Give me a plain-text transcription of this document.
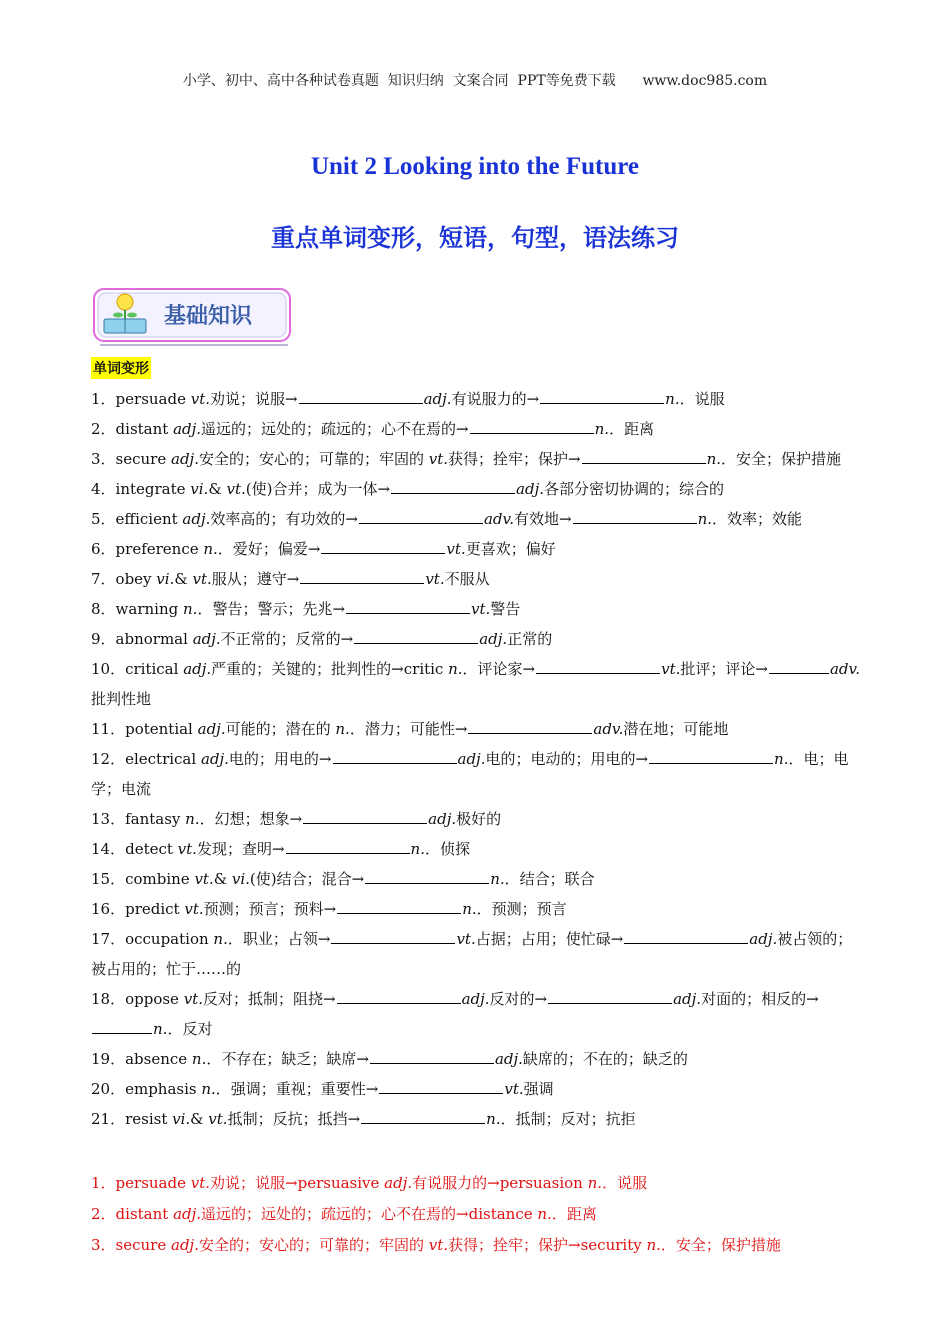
小学、初中、高中各种试卷真题  知识归纳  文案合同  PPT等免费下载      www.doc985.com
Unit 2 Looking into the Future
重点单词变形，短语，句型，语法练习
基础知识
单词变形
1．persuade vt.劝说；说服→	adj.有说服力的→	n.．说服
2．distant adj.遥远的；远处的；疏远的；心不在焉的→	n.．距离
3．secure adj.安全的；安心的；可靠的；牢固的 vt.获得；拴牢；保护→	n.．安全；保护措施
4．integrate vi.& vt.(使)合并；成为一体→	adj.各部分密切协调的；综合的
5．efficient adj.效率高的；有功效的→	adv.有效地→	n.．效率；效能
6．preference n.．爱好；偏爱→	vt.更喜欢；偏好
7．obey vi.& vt.服从；遵守→	vt.不服从
8．warning n.．警告；警示；先兆→	vt.警告
9．abnormal adj.不正常的；反常的→	adj.正常的
10．critical adj.严重的；关键的；批判性的→critic n.．评论家→	vt.批评；评论→	adv.批判性地
11．potential adj.可能的；潜在的 n.．潜力；可能性→	adv.潜在地；可能地
12．electrical adj.电的；用电的→	adj.电的；电动的；用电的→	n.．电；电学；电流
13．fantasy n.．幻想；想象→	adj.极好的
14．detect vt.发现；查明→	n.．侦探
15．combine vt.& vi.(使)结合；混合→	n.．结合；联合
16．predict vt.预测；预言；预料→	n.．预测；预言
17．occupation n.．职业；占领→	vt.占据；占用；使忙碌→	adj.被占领的；被占用的；忙于……的
18．oppose vt.反对；抵制；阻挠→	adj.反对的→	adj.对面的；相反的→n.．反对
19．absence n.．不存在；缺乏；缺席→	adj.缺席的；不在的；缺乏的
20．emphasis n.．强调；重视；重要性→	vt.强调
21．resist vi.& vt.抵制；反抗；抵挡→	n.．抵制；反对；抗拒
1．persuade vt.劝说；说服→persuasive adj.有说服力的→persuasion n.．说服
2．distant adj.遥远的；远处的；疏远的；心不在焉的→distance n.．距离
3．secure adj.安全的；安心的；可靠的；牢固的 vt.获得；拴牢；保护→security n.．安全；保护措施
